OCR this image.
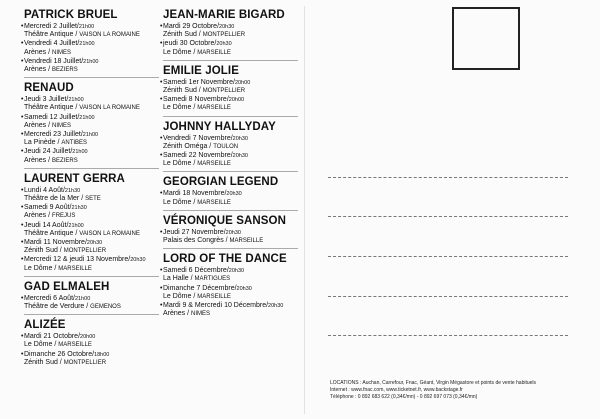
PATRICK BRUEL
• Mercredi 2 Juillet/21h00
Théâtre Antique / VAISON LA ROMAINE
• Vendredi 4 Juillet/21h00
Arènes / NIMES
• Vendredi 18 Juillet/21h00
Arènes / BEZIERS
RENAUD
• Jeudi 3 Juillet/21h00
Théâtre Antique / VAISON LA ROMAINE
• Samedi 12 Juillet/21h00
Arènes / NIMES
• Mercredi 23 Juillet/21h00
La Pinède / ANTIBES
• Jeudi 24 Juillet/21h00
Arènes / BEZIERS
LAURENT GERRA
• Lundi 4 Août/21h30
Théâtre de la Mer / SETE
• Samedi 9 Août/21h30
Arènes / FREJUS
• Jeudi 14 Août/21h00
Théâtre Antique / VAISON LA ROMAINE
• Mardi 11 Novembre/20h30
Zénith Sud / MONTPELLIER
• Mercredi 12 & jeudi 13 Novembre/20h30
Le Dôme / MARSEILLE
GAD ELMALEH
• Mercredi 6 Août/21h00
Théâtre de Verdure / GEMENOS
ALIZÉE
• Mardi 21 Octobre/20h00
Le Dôme / MARSEILLE
• Dimanche 26 Octobre/18h00
Zénith Sud / MONTPELLIER
JEAN-MARIE BIGARD
• Mardi 29 Octobre/20h30
Zénith Sud / MONTPELLIER
• jeudi 30 Octobre/20h30
Le Dôme / MARSEILLE
EMILIE JOLIE
• Samedi 1er Novembre/20h00
Zénith Sud / MONTPELLIER
• Samedi 8 Novembre/20h00
Le Dôme / MARSEILLE
JOHNNY HALLYDAY
• Vendredi 7 Novembre/20h30
Zénith Oméga / TOULON
• Samedi 22 Novembre/20h30
Le Dôme / MARSEILLE
GEORGIAN LEGEND
• Mardi 18 Novembre/20h30
Le Dôme / MARSEILLE
VÉRONIQUE SANSON
• Jeudi 27 Novembre/20h30
Palais des Congrès / MARSEILLE
LORD OF THE DANCE
• Samedi 6 Décembre/20h30
La Halle / MARTIGUES
• Dimanche 7 Décembre/20h30
Le Dôme / MARSEILLE
• Mardi 9 & Mercredi 10 Décembre/20h30
Arènes / NIMES
LOCATIONS : Auchan, Carrefour, Fnac, Géant, Virgin Mégastore et points de vente habituels
Internet : www.fnac.com, www.ticketnet.fr, www.backstage.fr
Téléphone : 0 892 683 622 (0,34€/mn) - 0 892 697 073 (0,34€/mn)
